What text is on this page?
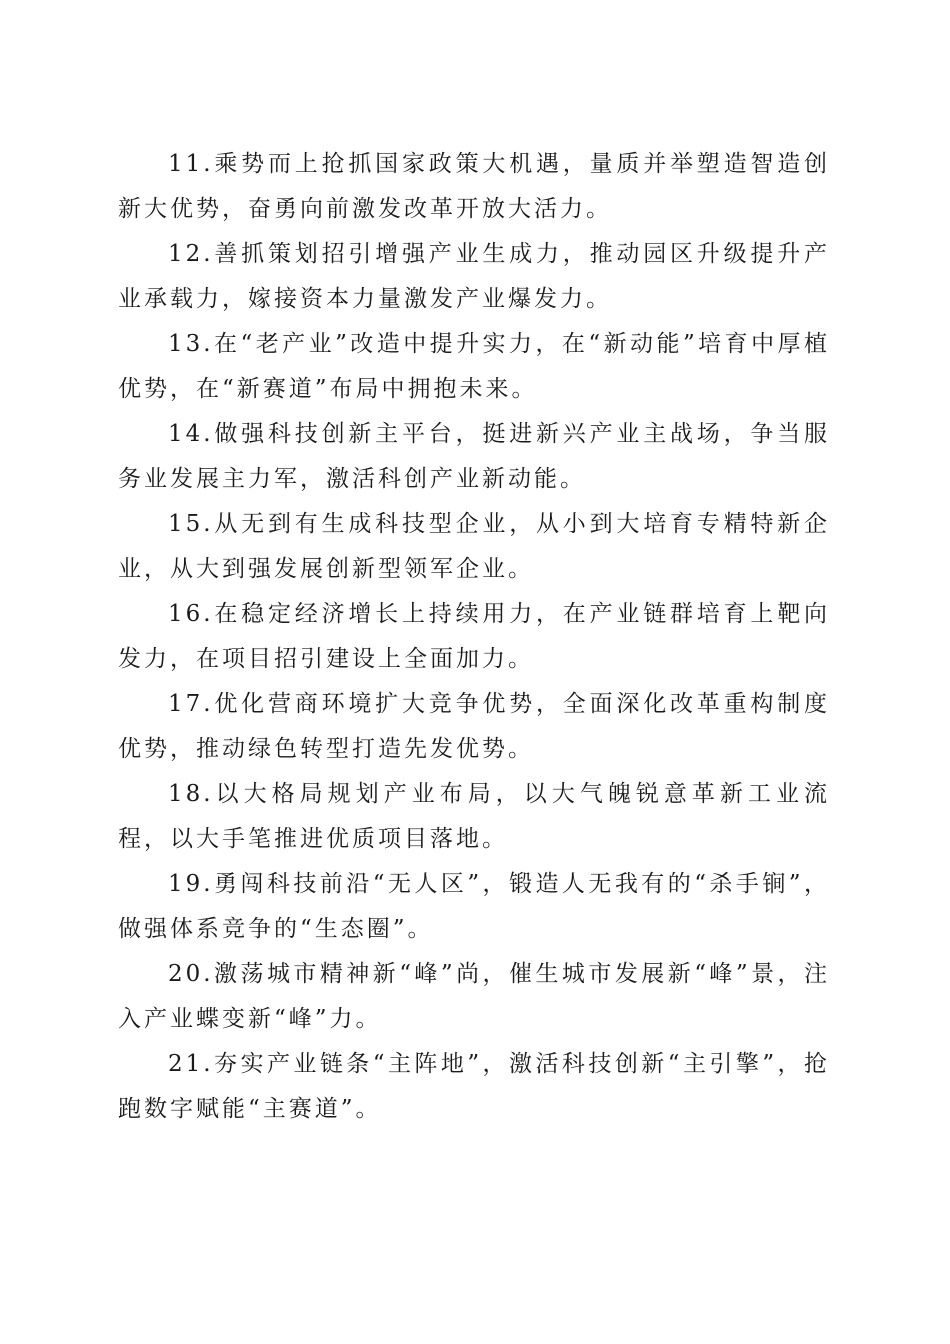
11.乘势而上抢抓国家政策大机遇，量质并举塑造智造创新大优势，奋勇向前激发改革开放大活力。

12.善抓策划招引增强产业生成力，推动园区升级提升产业承载力，嫁接资本力量激发产业爆发力。

13.在“老产业”改造中提升实力，在“新动能”培育中厚植优势，在“新赛道”布局中拥抱未来。

14.做强科技创新主平台，挺进新兴产业主战场，争当服务业发展主力军，激活科创产业新动能。

15.从无到有生成科技型企业，从小到大培育专精特新企业，从大到强发展创新型领军企业。

16.在稳定经济增长上持续用力，在产业链群培育上靶向发力，在项目招引建设上全面加力。

17.优化营商环境扩大竞争优势，全面深化改革重构制度优势，推动绿色转型打造先发优势。

18.以大格局规划产业布局，以大气魄锐意革新工业流程，以大手笔推进优质项目落地。

19.勇闯科技前沿“无人区”，锻造人无我有的“杀手锏”，做强体系竞争的“生态圈”。

20.激荡城市精神新“峰”尚，催生城市发展新“峰”景，注入产业蝶变新“峰”力。

21.夯实产业链条“主阵地”，激活科技创新“主引擎”，抢跑数字赋能“主赛道”。
